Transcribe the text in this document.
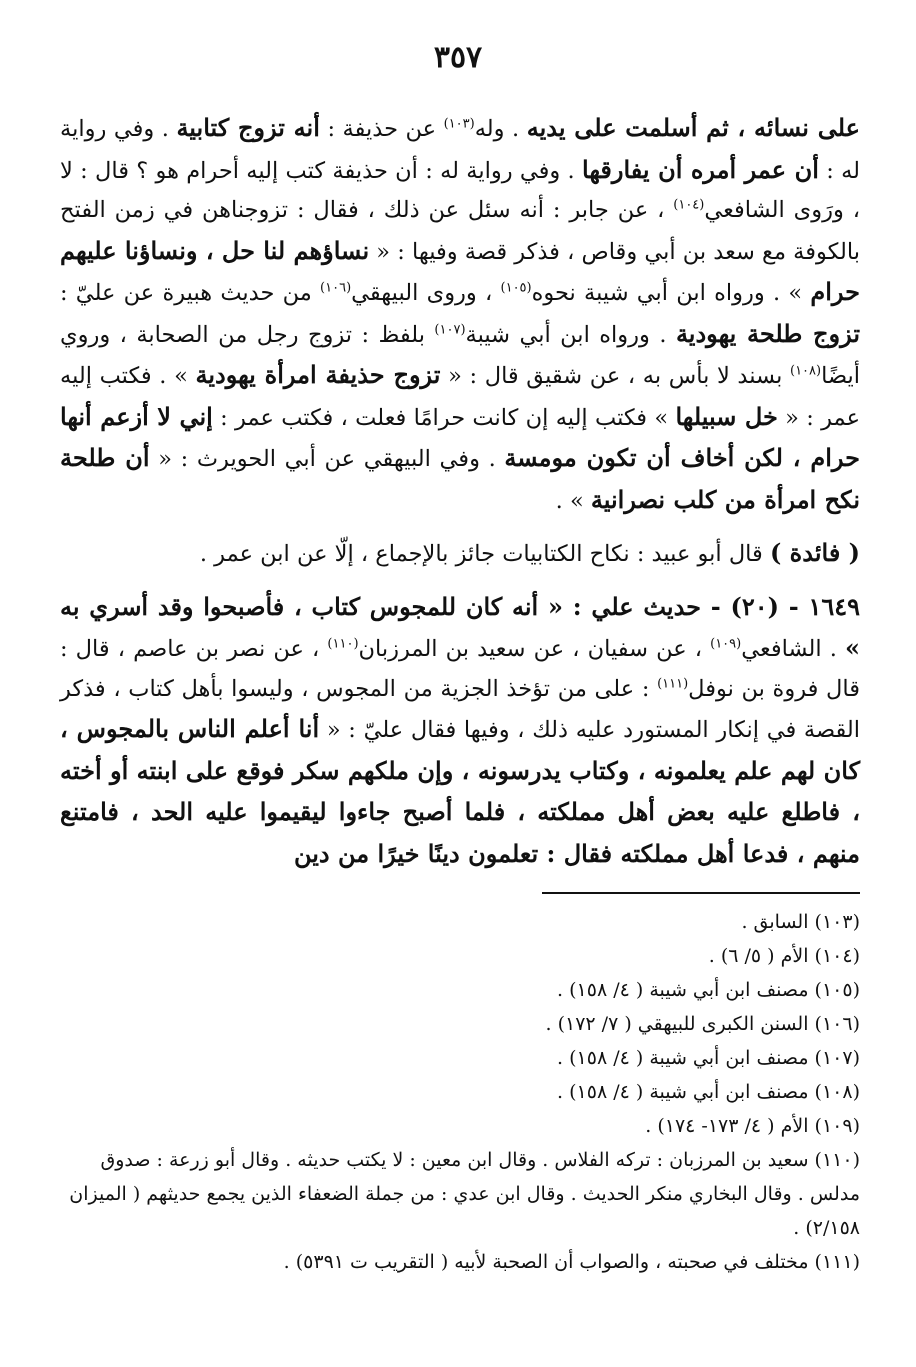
٣٥٧

على نسائه ، ثم أسلمت على يديه . وله$^{(١٠٣)}$ عن حذيفة : أنه تزوج كتابية . وفي رواية له : أن عمر أمره أن يفارقها . وفي رواية له : أن حذيفة كتب إليه أحرام هو ؟ قال : لا ، ورَوى الشافعي$^{(١٠٤)}$ ، عن جابر : أنه سئل عن ذلك ، فقال : تزوجناهن في زمن الفتح بالكوفة مع سعد بن أبي وقاص ، فذكر قصة وفيها : « نساؤهم لنا حل ، ونساؤنا عليهم حرام » . ورواه ابن أبي شيبة نحوه$^{(١٠٥)}$ ، وروى البيهقي$^{(١٠٦)}$ من حديث هبيرة عن عليّ : تزوج طلحة يهودية . ورواه ابن أبي شيبة$^{(١٠٧)}$ بلفظ : تزوج رجل من الصحابة ، وروي أيضًا$^{(١٠٨)}$ بسند لا بأس به ، عن شقيق قال : « تزوج حذيفة امرأة يهودية » . فكتب إليه عمر : « خل سبيلها » فكتب إليه إن كانت حرامًا فعلت ، فكتب عمر : إني لا أزعم أنها حرام ، لكن أخاف أن تكون مومسة . وفي البيهقي عن أبي الحويرث : « أن طلحة نكح امرأة من كلب نصرانية » .

( فائدة ) قال أبو عبيد : نكاح الكتابيات جائز بالإجماع ، إلّا عن ابن عمر .

١٦٤٩ - (٢٠) - حديث علي : « أنه كان للمجوس كتاب ، فأصبحوا وقد أسري به » . الشافعي$^{(١٠٩)}$ ، عن سفيان ، عن سعيد بن المرزبان$^{(١١٠)}$ ، عن نصر بن عاصم ، قال : قال فروة بن نوفل$^{(١١١)}$ : على من تؤخذ الجزية من المجوس ، وليسوا بأهل كتاب ، فذكر القصة في إنكار المستورد عليه ذلك ، وفيها فقال عليّ : « أنا أعلم الناس بالمجوس ، كان لهم علم يعلمونه ، وكتاب يدرسونه ، وإن ملكهم سكر فوقع على ابنته أو أخته ، فاطلع عليه بعض أهل مملكته ، فلما أصبح جاءوا ليقيموا عليه الحد ، فامتنع منهم ، فدعا أهل مملكته فقال : تعلمون دينًا خيرًا من دين

(١٠٣) السابق .

(١٠٤) الأم ( ٥/ ٦) .

(١٠٥) مصنف ابن أبي شيبة ( ٤/ ١٥٨) .

(١٠٦) السنن الكبرى للبيهقي ( ٧/ ١٧٢) .

(١٠٧) مصنف ابن أبي شيبة ( ٤/ ١٥٨) .

(١٠٨) مصنف ابن أبي شيبة ( ٤/ ١٥٨) .

(١٠٩) الأم ( ٤/ ١٧٣- ١٧٤) .

(١١٠) سعيد بن المرزبان : تركه الفلاس . وقال ابن معين : لا يكتب حديثه . وقال أبو زرعة : صدوق مدلس . وقال البخاري منكر الحديث . وقال ابن عدي : من جملة الضعفاء الذين يجمع حديثهم ( الميزان ٢/١٥٨) .

(١١١) مختلف في صحبته ، والصواب أن الصحبة لأبيه ( التقريب ت ٥٣٩١) .
